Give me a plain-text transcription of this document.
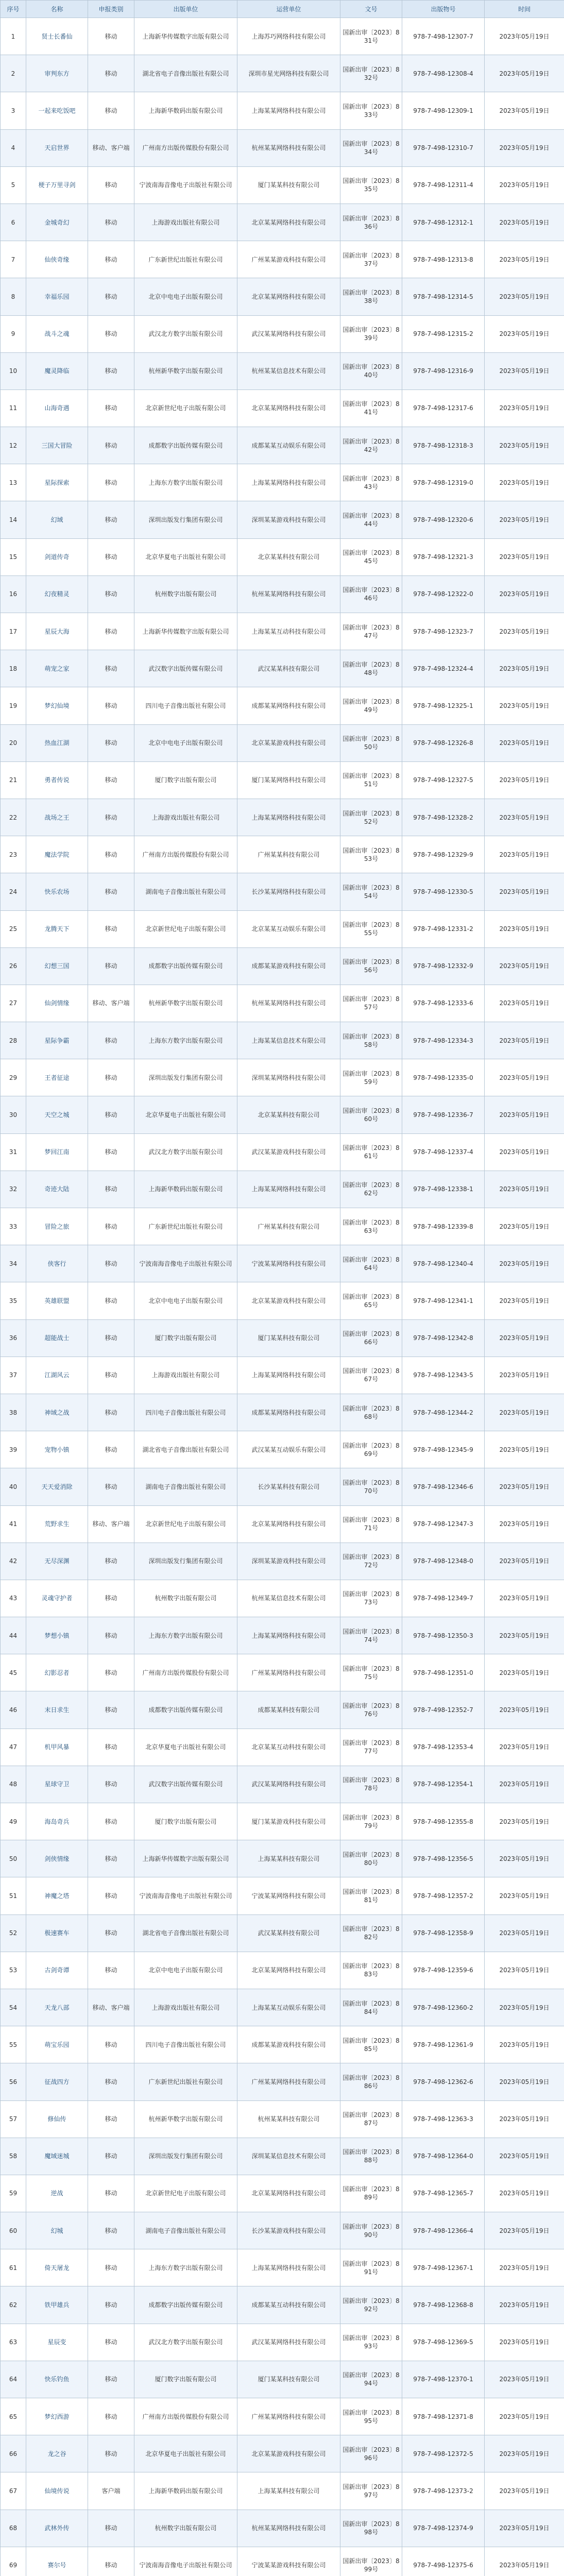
序号	名称	申报类别	出版单位	运营单位	文号	出版物号	时间
1	贤士长番仙	移动	上海新华传媒数字出版有限公司	上海苏巧网络科技有限公司	国新出审〔2023〕831号	978-7-498-12307-7	2023年05月19日
2	审判东方	移动	湖北省电子音像出版社有限公司	深圳市星光网络科技有限公司	国新出审〔2023〕832号	978-7-498-12308-4	2023年05月19日
3	一起来吃饭吧	移动	上海新华数码出版有限公司	上海某某网络科技有限公司	国新出审〔2023〕833号	978-7-498-12309-1	2023年05月19日
4	天启世界	移动、客户端	广州南方出版传媒股份有限公司	杭州某某网络科技有限公司	国新出审〔2023〕834号	978-7-498-12310-7	2023年05月19日
5	梗子万里寻剑	移动	宁波南海音像电子出版社有限公司	厦门某某科技有限公司	国新出审〔2023〕835号	978-7-498-12311-4	2023年05月19日
6	金城奇幻	移动	上海游戏出版社有限公司	北京某某网络科技有限公司	国新出审〔2023〕836号	978-7-498-12312-1	2023年05月19日
7	仙侠奇缘	移动	广东新世纪出版社有限公司	广州某某游戏科技有限公司	国新出审〔2023〕837号	978-7-498-12313-8	2023年05月19日
8	幸福乐园	移动	北京中电电子出版有限公司	北京某某网络科技有限公司	国新出审〔2023〕838号	978-7-498-12314-5	2023年05月19日
9	战斗之魂	移动	武汉北方数字出版有限公司	武汉某某网络科技有限公司	国新出审〔2023〕839号	978-7-498-12315-2	2023年05月19日
10	魔灵降临	移动	杭州新华数字出版有限公司	杭州某某信息技术有限公司	国新出审〔2023〕840号	978-7-498-12316-9	2023年05月19日
11	山海奇遇	移动	北京新世纪电子出版有限公司	北京某某网络科技有限公司	国新出审〔2023〕841号	978-7-498-12317-6	2023年05月19日
12	三国大冒险	移动	成都数字出版传媒有限公司	成都某某互动娱乐有限公司	国新出审〔2023〕842号	978-7-498-12318-3	2023年05月19日
13	星际探索	移动	上海东方数字出版有限公司	上海某某网络科技有限公司	国新出审〔2023〕843号	978-7-498-12319-0	2023年05月19日
14	幻域	移动	深圳出版发行集团有限公司	深圳某某游戏科技有限公司	国新出审〔2023〕844号	978-7-498-12320-6	2023年05月19日
15	剑道传奇	移动	北京华夏电子出版社有限公司	北京某某科技有限公司	国新出审〔2023〕845号	978-7-498-12321-3	2023年05月19日
16	幻夜精灵	移动	杭州数字出版有限公司	杭州某某网络科技有限公司	国新出审〔2023〕846号	978-7-498-12322-0	2023年05月19日
17	星辰大海	移动	上海新华传媒数字出版有限公司	上海某某互动科技有限公司	国新出审〔2023〕847号	978-7-498-12323-7	2023年05月19日
18	萌宠之家	移动	武汉数字出版传媒有限公司	武汉某某科技有限公司	国新出审〔2023〕848号	978-7-498-12324-4	2023年05月19日
19	梦幻仙境	移动	四川电子音像出版社有限公司	成都某某网络科技有限公司	国新出审〔2023〕849号	978-7-498-12325-1	2023年05月19日
20	热血江湖	移动	北京中电电子出版有限公司	北京某某游戏科技有限公司	国新出审〔2023〕850号	978-7-498-12326-8	2023年05月19日
21	勇者传说	移动	厦门数字出版有限公司	厦门某某网络科技有限公司	国新出审〔2023〕851号	978-7-498-12327-5	2023年05月19日
22	战场之王	移动	上海游戏出版社有限公司	上海某某网络科技有限公司	国新出审〔2023〕852号	978-7-498-12328-2	2023年05月19日
23	魔法学院	移动	广州南方出版传媒股份有限公司	广州某某科技有限公司	国新出审〔2023〕853号	978-7-498-12329-9	2023年05月19日
24	快乐农场	移动	湖南电子音像出版社有限公司	长沙某某网络科技有限公司	国新出审〔2023〕854号	978-7-498-12330-5	2023年05月19日
25	龙腾天下	移动	北京新世纪电子出版有限公司	北京某某互动娱乐有限公司	国新出审〔2023〕855号	978-7-498-12331-2	2023年05月19日
26	幻想三国	移动	成都数字出版传媒有限公司	成都某某游戏科技有限公司	国新出审〔2023〕856号	978-7-498-12332-9	2023年05月19日
27	仙剑情缘	移动、客户端	杭州新华数字出版有限公司	杭州某某网络科技有限公司	国新出审〔2023〕857号	978-7-498-12333-6	2023年05月19日
28	星际争霸	移动	上海东方数字出版有限公司	上海某某信息技术有限公司	国新出审〔2023〕858号	978-7-498-12334-3	2023年05月19日
29	王者征途	移动	深圳出版发行集团有限公司	深圳某某网络科技有限公司	国新出审〔2023〕859号	978-7-498-12335-0	2023年05月19日
30	天空之城	移动	北京华夏电子出版社有限公司	北京某某科技有限公司	国新出审〔2023〕860号	978-7-498-12336-7	2023年05月19日
31	梦回江南	移动	武汉北方数字出版有限公司	武汉某某游戏科技有限公司	国新出审〔2023〕861号	978-7-498-12337-4	2023年05月19日
32	奇迹大陆	移动	上海新华数码出版有限公司	上海某某网络科技有限公司	国新出审〔2023〕862号	978-7-498-12338-1	2023年05月19日
33	冒险之旅	移动	广东新世纪出版社有限公司	广州某某科技有限公司	国新出审〔2023〕863号	978-7-498-12339-8	2023年05月19日
34	侠客行	移动	宁波南海音像电子出版社有限公司	宁波某某网络科技有限公司	国新出审〔2023〕864号	978-7-498-12340-4	2023年05月19日
35	英雄联盟	移动	北京中电电子出版有限公司	北京某某游戏科技有限公司	国新出审〔2023〕865号	978-7-498-12341-1	2023年05月19日
36	超能战士	移动	厦门数字出版有限公司	厦门某某科技有限公司	国新出审〔2023〕866号	978-7-498-12342-8	2023年05月19日
37	江湖风云	移动	上海游戏出版社有限公司	上海某某网络科技有限公司	国新出审〔2023〕867号	978-7-498-12343-5	2023年05月19日
38	神域之战	移动	四川电子音像出版社有限公司	成都某某网络科技有限公司	国新出审〔2023〕868号	978-7-498-12344-2	2023年05月19日
39	宠物小镇	移动	湖北省电子音像出版社有限公司	武汉某某互动娱乐有限公司	国新出审〔2023〕869号	978-7-498-12345-9	2023年05月19日
40	天天爱消除	移动	湖南电子音像出版社有限公司	长沙某某科技有限公司	国新出审〔2023〕870号	978-7-498-12346-6	2023年05月19日
41	荒野求生	移动、客户端	北京新世纪电子出版有限公司	北京某某网络科技有限公司	国新出审〔2023〕871号	978-7-498-12347-3	2023年05月19日
42	无尽深渊	移动	深圳出版发行集团有限公司	深圳某某游戏科技有限公司	国新出审〔2023〕872号	978-7-498-12348-0	2023年05月19日
43	灵魂守护者	移动	杭州数字出版有限公司	杭州某某信息技术有限公司	国新出审〔2023〕873号	978-7-498-12349-7	2023年05月19日
44	梦想小镇	移动	上海东方数字出版有限公司	上海某某网络科技有限公司	国新出审〔2023〕874号	978-7-498-12350-3	2023年05月19日
45	幻影忍者	移动	广州南方出版传媒股份有限公司	广州某某网络科技有限公司	国新出审〔2023〕875号	978-7-498-12351-0	2023年05月19日
46	末日求生	移动	成都数字出版传媒有限公司	成都某某科技有限公司	国新出审〔2023〕876号	978-7-498-12352-7	2023年05月19日
47	机甲风暴	移动	北京华夏电子出版社有限公司	北京某某互动科技有限公司	国新出审〔2023〕877号	978-7-498-12353-4	2023年05月19日
48	星球守卫	移动	武汉数字出版传媒有限公司	武汉某某网络科技有限公司	国新出审〔2023〕878号	978-7-498-12354-1	2023年05月19日
49	海岛奇兵	移动	厦门数字出版有限公司	厦门某某游戏科技有限公司	国新出审〔2023〕879号	978-7-498-12355-8	2023年05月19日
50	剑侠情缘	移动	上海新华传媒数字出版有限公司	上海某某科技有限公司	国新出审〔2023〕880号	978-7-498-12356-5	2023年05月19日
51	神魔之塔	移动	宁波南海音像电子出版社有限公司	宁波某某网络科技有限公司	国新出审〔2023〕881号	978-7-498-12357-2	2023年05月19日
52	极速赛车	移动	湖北省电子音像出版社有限公司	武汉某某科技有限公司	国新出审〔2023〕882号	978-7-498-12358-9	2023年05月19日
53	古剑奇谭	移动	北京中电电子出版有限公司	北京某某网络科技有限公司	国新出审〔2023〕883号	978-7-498-12359-6	2023年05月19日
54	天龙八部	移动、客户端	上海游戏出版社有限公司	上海某某互动娱乐有限公司	国新出审〔2023〕884号	978-7-498-12360-2	2023年05月19日
55	萌宝乐园	移动	四川电子音像出版社有限公司	成都某某游戏科技有限公司	国新出审〔2023〕885号	978-7-498-12361-9	2023年05月19日
56	征战四方	移动	广东新世纪出版社有限公司	广州某某网络科技有限公司	国新出审〔2023〕886号	978-7-498-12362-6	2023年05月19日
57	修仙传	移动	杭州新华数字出版有限公司	杭州某某科技有限公司	国新出审〔2023〕887号	978-7-498-12363-3	2023年05月19日
58	魔域迷城	移动	深圳出版发行集团有限公司	深圳某某信息技术有限公司	国新出审〔2023〕888号	978-7-498-12364-0	2023年05月19日
59	逆战	移动	北京新世纪电子出版有限公司	北京某某网络科技有限公司	国新出审〔2023〕889号	978-7-498-12365-7	2023年05月19日
60	幻城	移动	湖南电子音像出版社有限公司	长沙某某游戏科技有限公司	国新出审〔2023〕890号	978-7-498-12366-4	2023年05月19日
61	倚天屠龙	移动	上海东方数字出版有限公司	上海某某网络科技有限公司	国新出审〔2023〕891号	978-7-498-12367-1	2023年05月19日
62	铁甲雄兵	移动	成都数字出版传媒有限公司	成都某某互动科技有限公司	国新出审〔2023〕892号	978-7-498-12368-8	2023年05月19日
63	星辰变	移动	武汉北方数字出版有限公司	武汉某某网络科技有限公司	国新出审〔2023〕893号	978-7-498-12369-5	2023年05月19日
64	快乐钓鱼	移动	厦门数字出版有限公司	厦门某某科技有限公司	国新出审〔2023〕894号	978-7-498-12370-1	2023年05月19日
65	梦幻西游	移动	广州南方出版传媒股份有限公司	广州某某网络科技有限公司	国新出审〔2023〕895号	978-7-498-12371-8	2023年05月19日
66	龙之谷	移动	北京华夏电子出版社有限公司	北京某某游戏科技有限公司	国新出审〔2023〕896号	978-7-498-12372-5	2023年05月19日
67	仙境传说	客户端	上海新华数码出版有限公司	上海某某科技有限公司	国新出审〔2023〕897号	978-7-498-12373-2	2023年05月19日
68	武林外传	移动	杭州数字出版有限公司	杭州某某网络科技有限公司	国新出审〔2023〕898号	978-7-498-12374-9	2023年05月19日
69	赛尔号	移动	宁波南海音像电子出版社有限公司	宁波某某游戏科技有限公司	国新出审〔2023〕899号	978-7-498-12375-6	2023年05月19日
